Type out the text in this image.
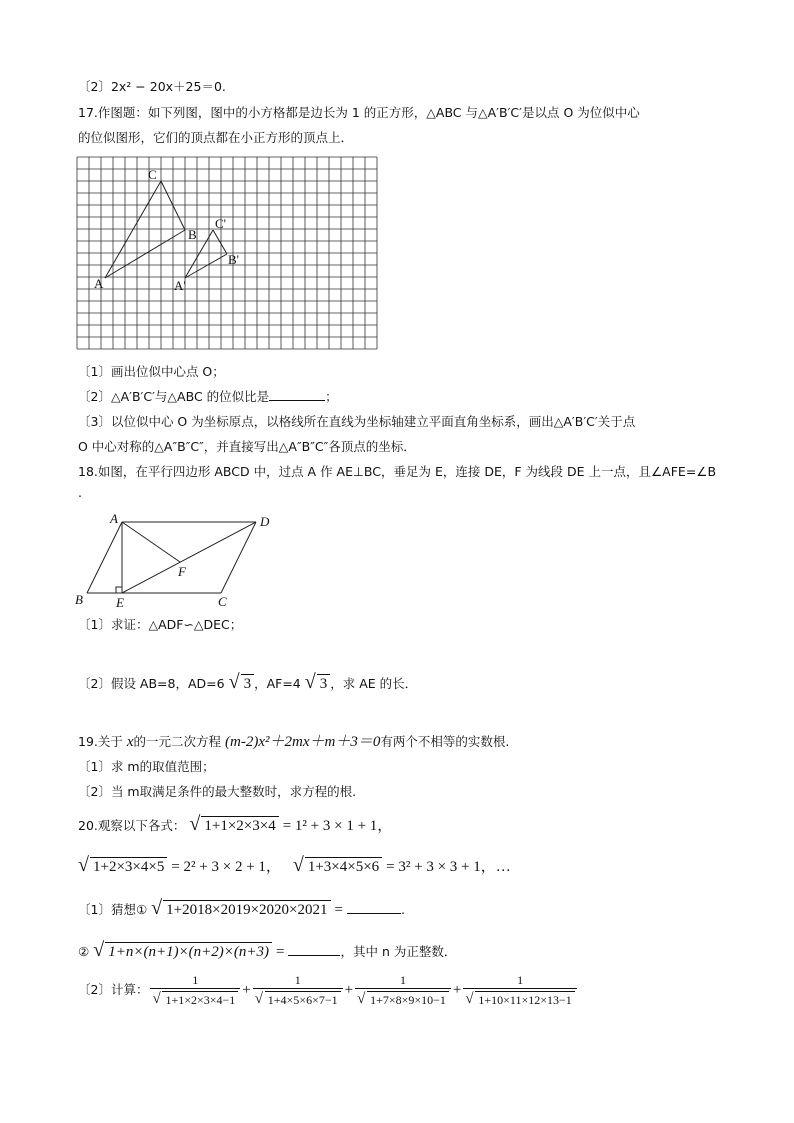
〔2〕2x² − 20x＋25＝0.
17.作图题：如下列图，图中的小方格都是边长为 1 的正方形，△ABC 与△A′B′C′是以点 O 为位似中心
的位似图形，它们的顶点都在小正方形的顶点上．
C
B
A
C'
B'
A'
〔1〕画出位似中心点 O；
〔2〕△A′B′C′与△ABC 的位似比是	；
〔3〕以位似中心 O 为坐标原点，以格线所在直线为坐标轴建立平面直角坐标系，画出△A′B′C′关于点
O 中心对称的△A″B″C″，并直接写出△A″B″C″各顶点的坐标．
18.如图，在平行四边形 ABCD 中，过点 A 作 AE⊥BC，垂足为 E，连接 DE，F 为线段 DE 上一点，且∠AFE=∠B
.
A	D
B	E
F
C
〔1〕求证：△ADF∽△DEC；
〔2〕假设 AB=8，AD=6 √ 3 ，AF=4 √ 3 ，求 AE 的长．
19.关于 x的一元二次方程 (m-2)x²＋2mx＋m＋3＝0有两个不相等的实数根.
〔1〕求 m的取值范围；
〔2〕当 m取满足条件的最大整数时，求方程的根.
20.观察以下各式： √ 1+1×2×3×4 = 1² + 3 × 1 + 1，
√ 1+2×3×4×5 = 2² + 3 × 2 + 1， √ 1+3×4×5×6 = 3² + 3 × 3 + 1，…
〔1〕猜想① √ 1+2018×2019×2020×2021 =	.
② √ 1+n×(n+1)×(n+2)×(n+3) =	，其中 n 为正整数．
〔2〕计算： $\frac{1}{√ 1+1\times 2\times 3\times 4-1} + \frac{1}{√ 1+4\times 5\times 6\times 7-1} + \frac{1}{√ 1+7\times 8\times 9\times 10-1} + \frac{1}{√ 1+10\times 11\times 12\times 13-1}$
